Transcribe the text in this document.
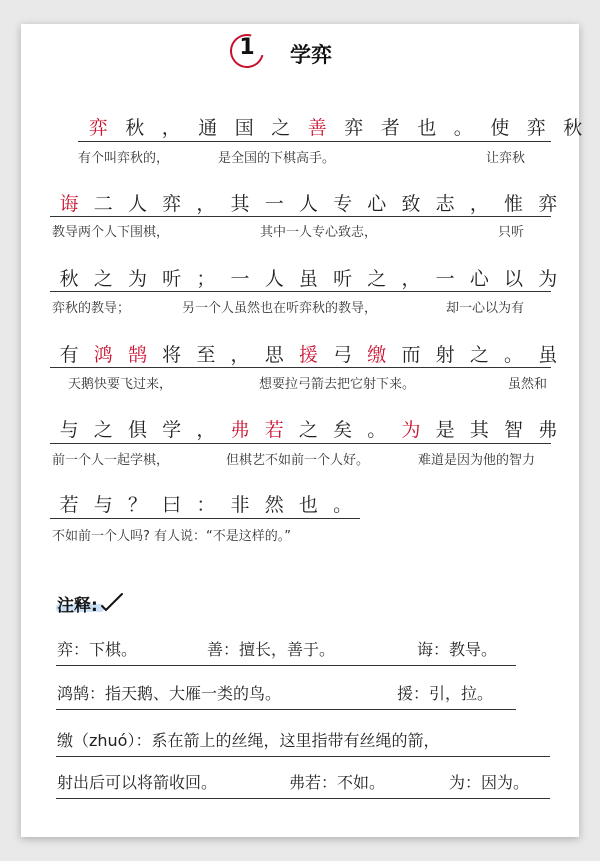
1	学弈
弈 秋 ， 通 国 之 善 弈 者 也 。 使 弈 秋
有个叫弈秋的，	是全国的下棋高手。	让弈秋
诲 二 人 弈 ， 其 一 人 专 心 致 志 ， 惟 弈
教导两个人下围棋，	其中一人专心致志，	只听
秋 之 为 听 ； 一 人 虽 听 之 ， 一 心 以 为
弈秋的教导；	另一个人虽然也在听弈秋的教导，	却一心以为有
有 鸿 鹄 将 至 ， 思 援 弓 缴 而 射 之 。 虽
天鹅快要飞过来，	想要拉弓箭去把它射下来。	虽然和
与 之 俱 学 ， 弗 若 之 矣 。 为 是 其 智 弗
前一个人一起学棋，	但棋艺不如前一个人好。	难道是因为他的智力
若 与 ？ 曰 ： 非 然 也 。
不如前一个人吗? 有人说：“不是这样的。”
注释:
弈：下棋。	善：擅长，善于。	诲：教导。
鸿鹄：指天鹅、大雁一类的鸟。	援：引，拉。
缴（zhuó）：系在箭上的丝绳，这里指带有丝绳的箭，
射出后可以将箭收回。	弗若：不如。	为：因为。
